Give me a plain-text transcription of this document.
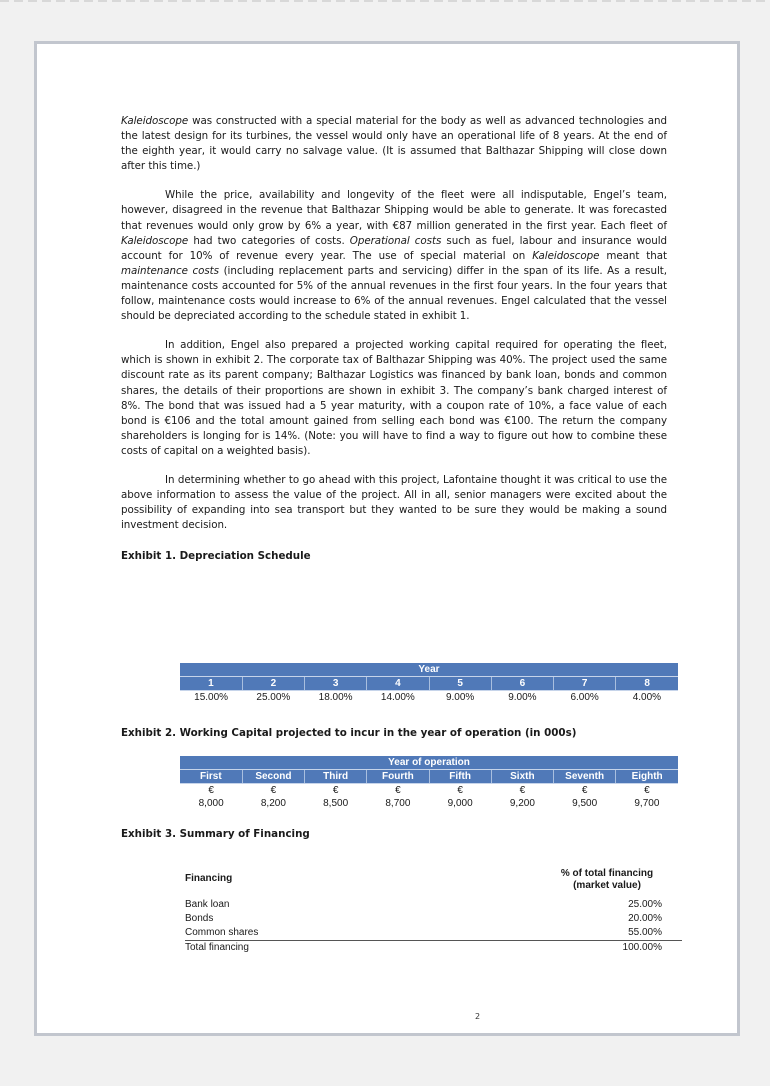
Kaleidoscope was constructed with a special material for the body as well as advanced technologies and the latest design for its turbines, the vessel would only have an operational life of 8 years. At the end of the eighth year, it would carry no salvage value. (It is assumed that Balthazar Shipping will close down after this time.)

While the price, availability and longevity of the fleet were all indisputable, Engel’s team, however, disagreed in the revenue that Balthazar Shipping would be able to generate. It was forecasted that revenues would only grow by 6% a year, with €87 million generated in the first year. Each fleet of Kaleidoscope had two categories of costs. Operational costs such as fuel, labour and insurance would account for 10% of revenue every year. The use of special material on Kaleidoscope meant that maintenance costs (including replacement parts and servicing) differ in the span of its life. As a result, maintenance costs accounted for 5% of the annual revenues in the first four years. In the four years that follow, maintenance costs would increase to 6% of the annual revenues. Engel calculated that the vessel should be depreciated according to the schedule stated in exhibit 1.

In addition, Engel also prepared a projected working capital required for operating the fleet, which is shown in exhibit 2. The corporate tax of Balthazar Shipping was 40%. The project used the same discount rate as its parent company; Balthazar Logistics was financed by bank loan, bonds and common shares, the details of their proportions are shown in exhibit 3. The company’s bank charged interest of 8%. The bond that was issued had a 5 year maturity, with a coupon rate of 10%, a face value of each bond is €106 and the total amount gained from selling each bond was €100. The return the company shareholders is longing for is 14%. (Note: you will have to find a way to figure out how to combine these costs of capital on a weighted basis).

In determining whether to go ahead with this project, Lafontaine thought it was critical to use the above information to assess the value of the project. All in all, senior managers were excited about the possibility of expanding into sea transport but they wanted to be sure they would be making a sound investment decision.

Exhibit 1. Depreciation Schedule

Year							
1	2	3	4	5	6	7	8
15.00%	25.00%	18.00%	14.00%	9.00%	9.00%	6.00%	4.00%

Exhibit 2. Working Capital projected to incur in the year of operation (in 000s)

Year of operation							
First	Second	Third	Fourth	Fifth	Sixth	Seventh	Eighth
€	€	€	€	€	€	€	€
8,000	8,200	8,500	8,700	9,000	9,200	9,500	9,700

Exhibit 3. Summary of Financing

Financing	% of total financing
(market value)
Bank loan	25.00%
Bonds	20.00%
Common shares	55.00%
Total financing	100.00%
2
